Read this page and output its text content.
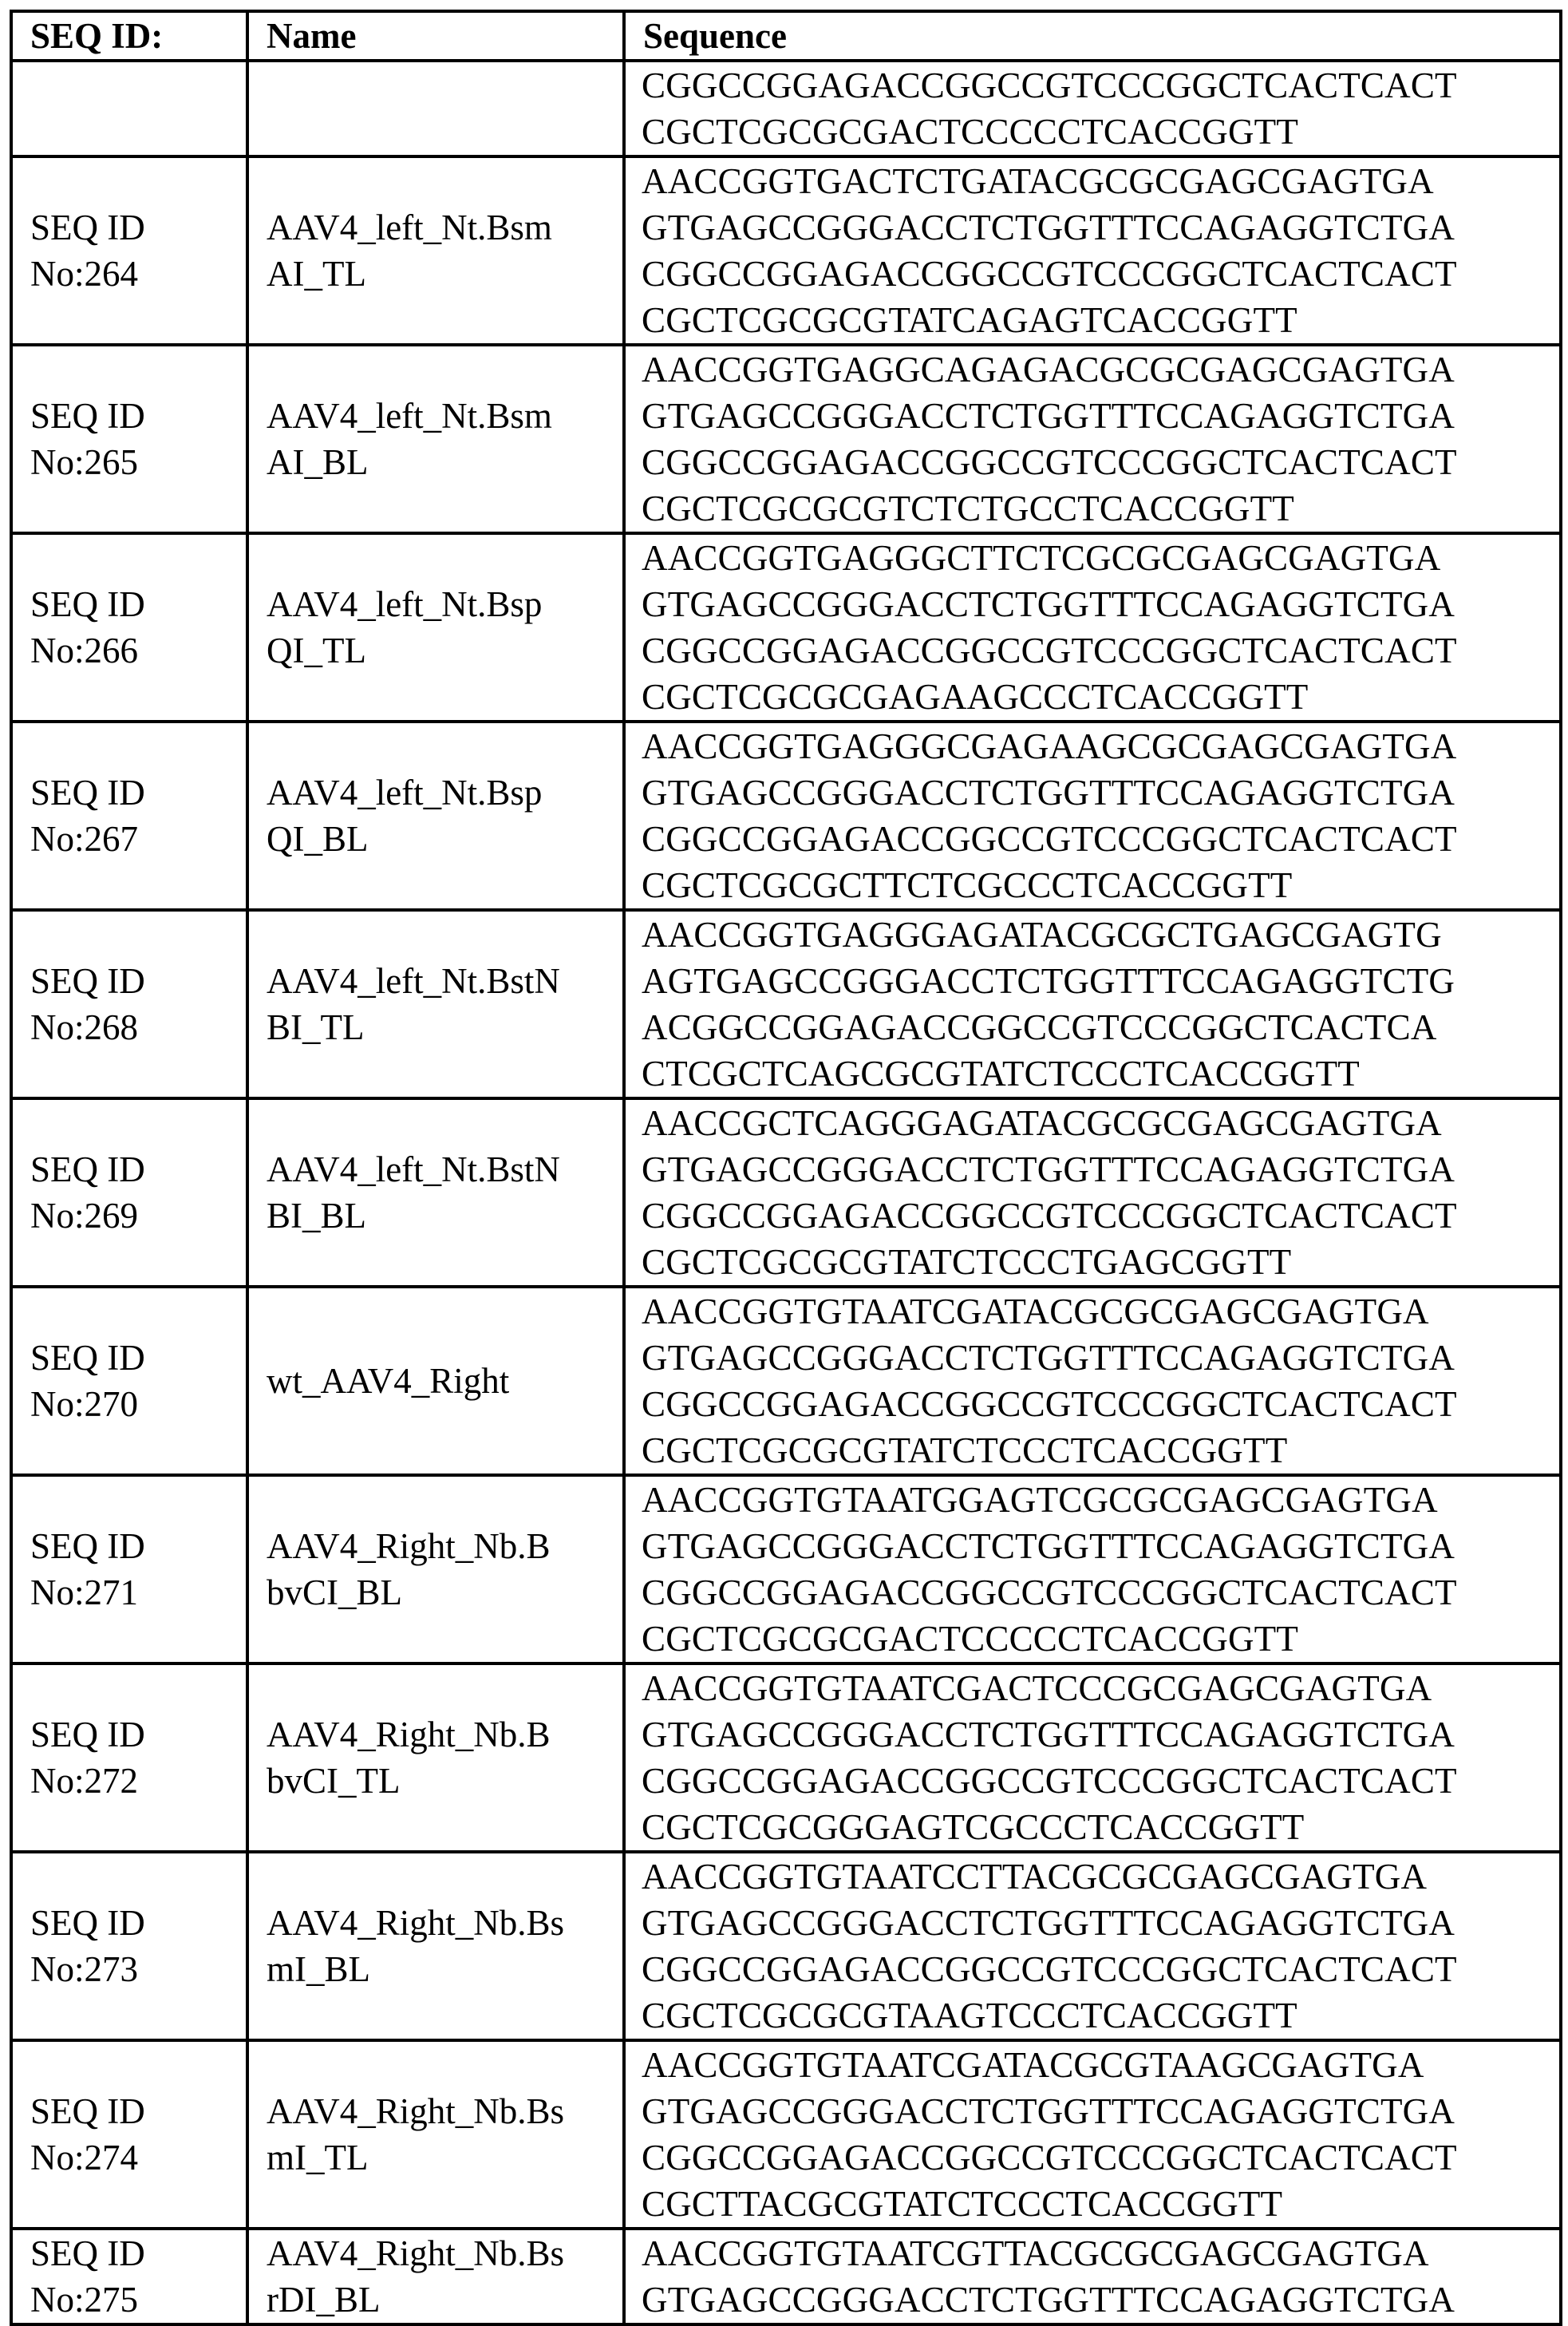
SEQ ID:	Name	Sequence

CGGCCGGAGACCGGCCGTCCCGGCTCACTCACT
CGCTCGCGCGACTCCCCCTCACCGGTT

SEQ ID
No:264

AAV4_left_Nt.Bsm
AI_TL

AACCGGTGACTCTGATACGCGCGAGCGAGTGA
GTGAGCCGGGACCTCTGGTTTCCAGAGGTCTGA
CGGCCGGAGACCGGCCGTCCCGGCTCACTCACT
CGCTCGCGCGTATCAGAGTCACCGGTT

SEQ ID
No:265

AAV4_left_Nt.Bsm
AI_BL

AACCGGTGAGGCAGAGACGCGCGAGCGAGTGA
GTGAGCCGGGACCTCTGGTTTCCAGAGGTCTGA
CGGCCGGAGACCGGCCGTCCCGGCTCACTCACT
CGCTCGCGCGTCTCTGCCTCACCGGTT

SEQ ID
No:266

AAV4_left_Nt.Bsp
QI_TL

AACCGGTGAGGGCTTCTCGCGCGAGCGAGTGA
GTGAGCCGGGACCTCTGGTTTCCAGAGGTCTGA
CGGCCGGAGACCGGCCGTCCCGGCTCACTCACT
CGCTCGCGCGAGAAGCCCTCACCGGTT

SEQ ID
No:267

AAV4_left_Nt.Bsp
QI_BL

AACCGGTGAGGGCGAGAAGCGCGAGCGAGTGA
GTGAGCCGGGACCTCTGGTTTCCAGAGGTCTGA
CGGCCGGAGACCGGCCGTCCCGGCTCACTCACT
CGCTCGCGCTTCTCGCCCTCACCGGTT

SEQ ID
No:268

AAV4_left_Nt.BstN
BI_TL

AACCGGTGAGGGAGATACGCGCTGAGCGAGTG
AGTGAGCCGGGACCTCTGGTTTCCAGAGGTCTG
ACGGCCGGAGACCGGCCGTCCCGGCTCACTCA
CTCGCTCAGCGCGTATCTCCCTCACCGGTT

SEQ ID
No:269

AAV4_left_Nt.BstN
BI_BL

AACCGCTCAGGGAGATACGCGCGAGCGAGTGA
GTGAGCCGGGACCTCTGGTTTCCAGAGGTCTGA
CGGCCGGAGACCGGCCGTCCCGGCTCACTCACT
CGCTCGCGCGTATCTCCCTGAGCGGTT

SEQ ID
No:270

wt_AAV4_Right

AACCGGTGTAATCGATACGCGCGAGCGAGTGA
GTGAGCCGGGACCTCTGGTTTCCAGAGGTCTGA
CGGCCGGAGACCGGCCGTCCCGGCTCACTCACT
CGCTCGCGCGTATCTCCCTCACCGGTT

SEQ ID
No:271

AAV4_Right_Nb.B
bvCI_BL

AACCGGTGTAATGGAGTCGCGCGAGCGAGTGA
GTGAGCCGGGACCTCTGGTTTCCAGAGGTCTGA
CGGCCGGAGACCGGCCGTCCCGGCTCACTCACT
CGCTCGCGCGACTCCCCCTCACCGGTT

SEQ ID
No:272

AAV4_Right_Nb.B
bvCI_TL

AACCGGTGTAATCGACTCCCGCGAGCGAGTGA
GTGAGCCGGGACCTCTGGTTTCCAGAGGTCTGA
CGGCCGGAGACCGGCCGTCCCGGCTCACTCACT
CGCTCGCGGGAGTCGCCCTCACCGGTT

SEQ ID
No:273

AAV4_Right_Nb.Bs
mI_BL

AACCGGTGTAATCCTTACGCGCGAGCGAGTGA
GTGAGCCGGGACCTCTGGTTTCCAGAGGTCTGA
CGGCCGGAGACCGGCCGTCCCGGCTCACTCACT
CGCTCGCGCGTAAGTCCCTCACCGGTT

SEQ ID
No:274

AAV4_Right_Nb.Bs
mI_TL

AACCGGTGTAATCGATACGCGTAAGCGAGTGA
GTGAGCCGGGACCTCTGGTTTCCAGAGGTCTGA
CGGCCGGAGACCGGCCGTCCCGGCTCACTCACT
CGCTTACGCGTATCTCCCTCACCGGTT

SEQ ID
No:275

AAV4_Right_Nb.Bs
rDI_BL

AACCGGTGTAATCGTTACGCGCGAGCGAGTGA
GTGAGCCGGGACCTCTGGTTTCCAGAGGTCTGA
